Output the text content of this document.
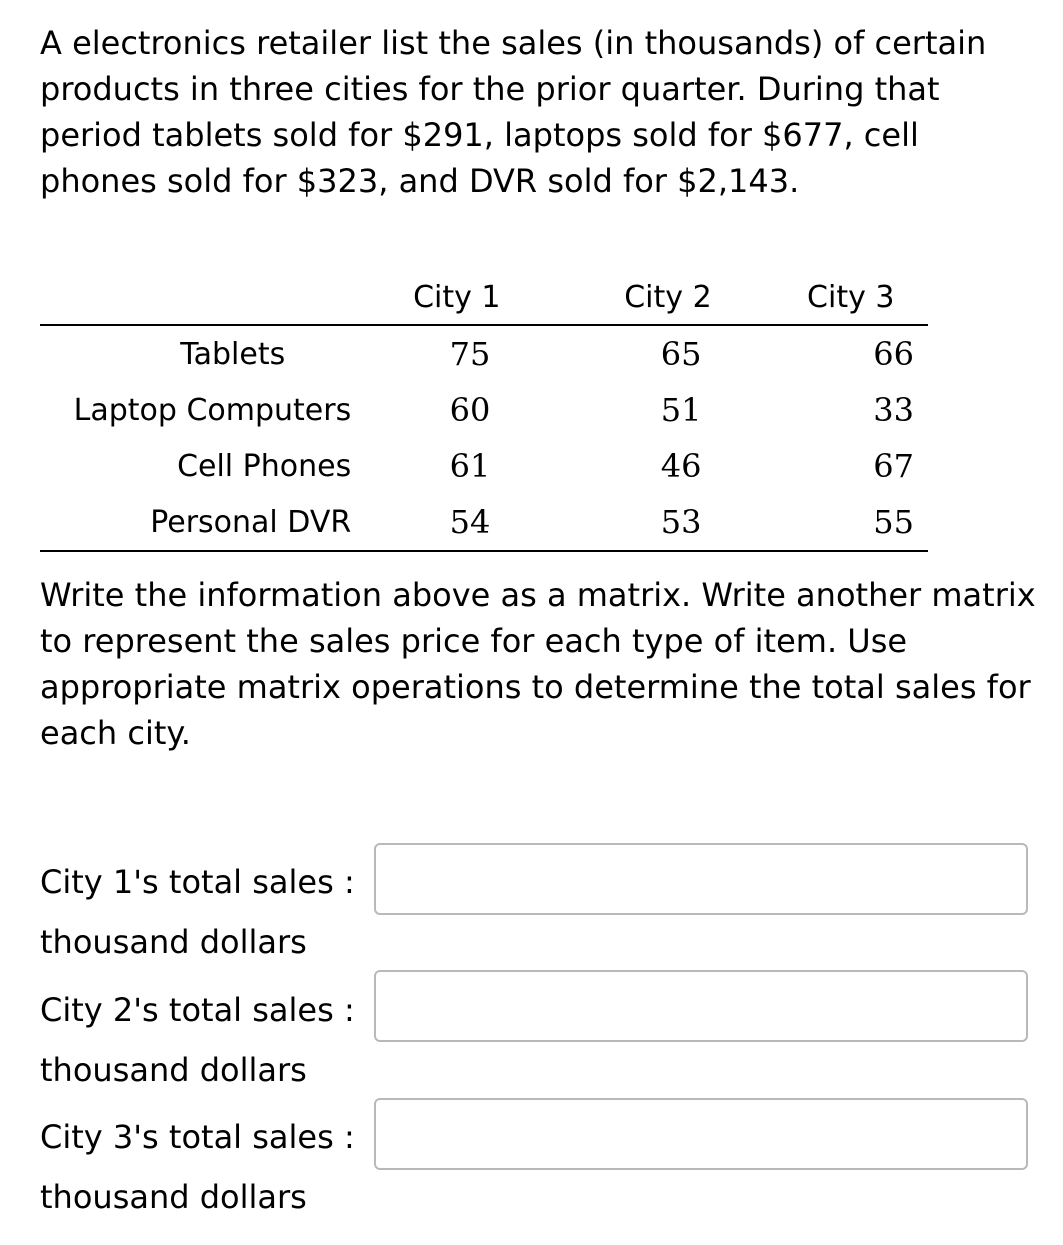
A electronics retailer list the sales (in thousands) of certain products in three cities for the prior quarter. During that period tablets sold for $291, laptops sold for $677, cell phones sold for $323, and DVR sold for $2,143.

	City 1	City 2	City 3
Tablets	75	65	66
Laptop Computers	60	51	33
Cell Phones	61	46	67
Personal DVR	54	53	55

Write the information above as a matrix. Write another matrix to represent the sales price for each type of item. Use appropriate matrix operations to determine the total sales for each city.

City 1's total sales :
thousand dollars
City 2's total sales :
thousand dollars
City 3's total sales :
thousand dollars
